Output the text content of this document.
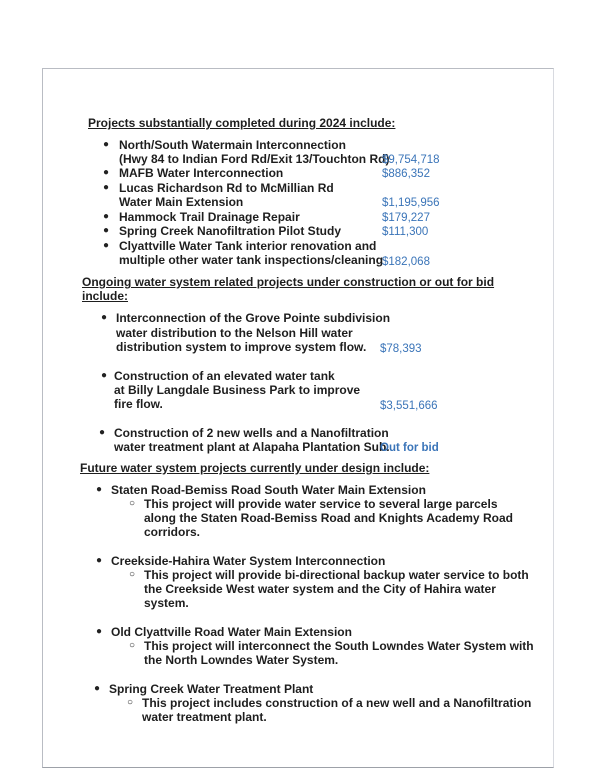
Projects substantially completed during 2024 include:
● North/South Watermain Interconnection
(Hwy 84 to Indian Ford Rd/Exit 13/Touchton Rd)
$9,754,718
● MAFB Water Interconnection	$886,352
● Lucas Richardson Rd to McMillian Rd
Water Main Extension	$1,195,956
● Hammock Trail Drainage Repair	$179,227
● Spring Creek Nanofiltration Pilot Study	$111,300
● Clyattville Water Tank interior renovation and
multiple other water tank inspections/cleaning
$182,068
Ongoing water system related projects under construction or out for bid
include:
● Interconnection of the Grove Pointe subdivision
water distribution to the Nelson Hill water
distribution system to improve system flow. $78,393
● Construction of an elevated water tank
at Billy Langdale Business Park to improve
fire flow.	$3,551,666
● Construction of 2 new wells and a Nanofiltration
water treatment plant at Alapaha Plantation Sub.
Out for bid
Future water system projects currently under design include:
● Staten Road-Bemiss Road South Water Main Extension
○ This project will provide water service to several large parcels
along the Staten Road-Bemiss Road and Knights Academy Road
corridors.
● Creekside-Hahira Water System Interconnection
○ This project will provide bi-directional backup water service to both
the Creekside West water system and the City of Hahira water
system.
● Old Clyattville Road Water Main Extension
○ This project will interconnect the South Lowndes Water System with
the North Lowndes Water System.
● Spring Creek Water Treatment Plant
○ This project includes construction of a new well and a Nanofiltration
water treatment plant.
